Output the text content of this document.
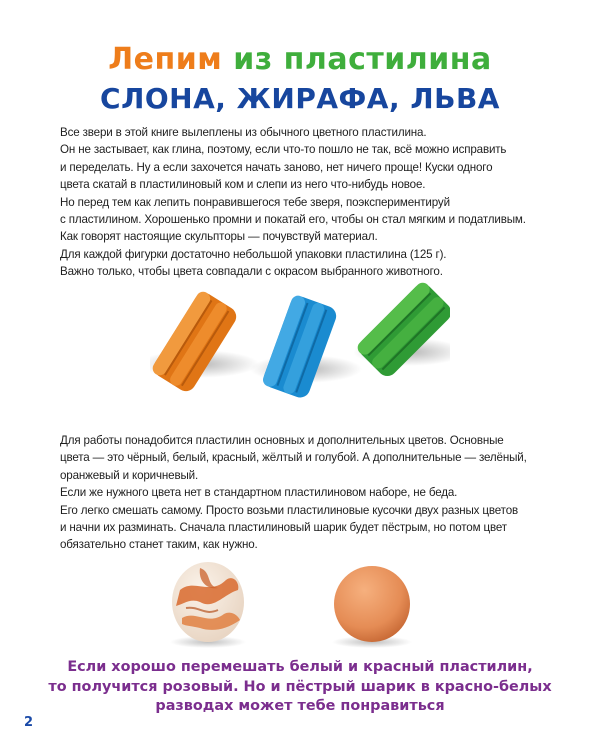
Лепим из пластилина
СЛОНА, ЖИРАФА, ЛЬВА
Все звери в этой книге вылеплены из обычного цветного пластилина.
Он не застывает, как глина, поэтому, если что-то пошло не так, всё можно исправить
и переделать. Ну а если захочется начать заново, нет ничего проще! Куски одного
цвета скатай в пластилиновый ком и слепи из него что-нибудь новое.
Но перед тем как лепить понравившегося тебе зверя, поэкспериментируй
с пластилином. Хорошенько промни и покатай его, чтобы он стал мягким и податливым.
Как говорят настоящие скульпторы — почувствуй материал.
Для каждой фигурки достаточно небольшой упаковки пластилина (125 г).
Важно только, чтобы цвета совпадали с окрасом выбранного животного.
Для работы понадобится пластилин основных и дополнительных цветов. Основные
цвета — это чёрный, белый, красный, жёлтый и голубой. А дополнительные — зелёный,
оранжевый и коричневый.
Если же нужного цвета нет в стандартном пластилиновом наборе, не беда.
Его легко смешать самому. Просто возьми пластилиновые кусочки двух разных цветов
и начни их разминать. Сначала пластилиновый шарик будет пёстрым, но потом цвет
обязательно станет таким, как нужно.
Если хорошо перемешать белый и красный пластилин,
то получится розовый. Но и пёстрый шарик в красно-белых
разводах может тебе понравиться
2
